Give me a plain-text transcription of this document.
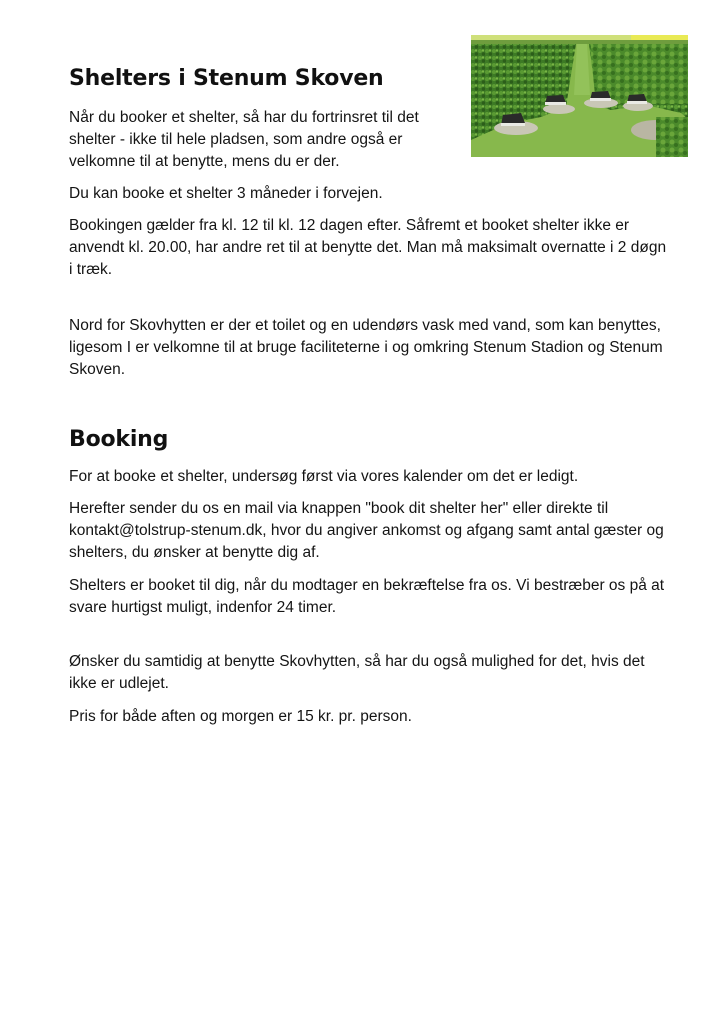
Shelters i Stenum Skoven

Når du booker et shelter, så har du fortrinsret til det shelter - ikke til hele pladsen, som andre også er velkomne til at benytte, mens du er der.

Du kan booke et shelter 3 måneder i forvejen.

Bookingen gælder fra kl. 12 til kl. 12 dagen efter. Såfremt et booket shelter ikke er anvendt kl. 20.00, har andre ret til at benytte det. Man må maksimalt overnatte i 2 døgn i træk.

Nord for Skovhytten er der et toilet og en udendørs vask med vand, som kan benyttes, ligesom I er velkomne til at bruge faciliteterne i og omkring Stenum Stadion og Stenum Skoven.

Booking

For at booke et shelter, undersøg først via vores kalender om det er ledigt.

Herefter sender du os en mail via knappen "book dit shelter her" eller direkte til kontakt@tolstrup-stenum.dk, hvor du angiver ankomst og afgang samt antal gæster og shelters, du ønsker at benytte dig af.

Shelters er booket til dig, når du modtager en bekræftelse fra os. Vi bestræber os på at svare hurtigst muligt, indenfor 24 timer.

Ønsker du samtidig at benytte Skovhytten, så har du også mulighed for det, hvis det ikke er udlejet.

Pris for både aften og morgen er 15 kr. pr. person.
